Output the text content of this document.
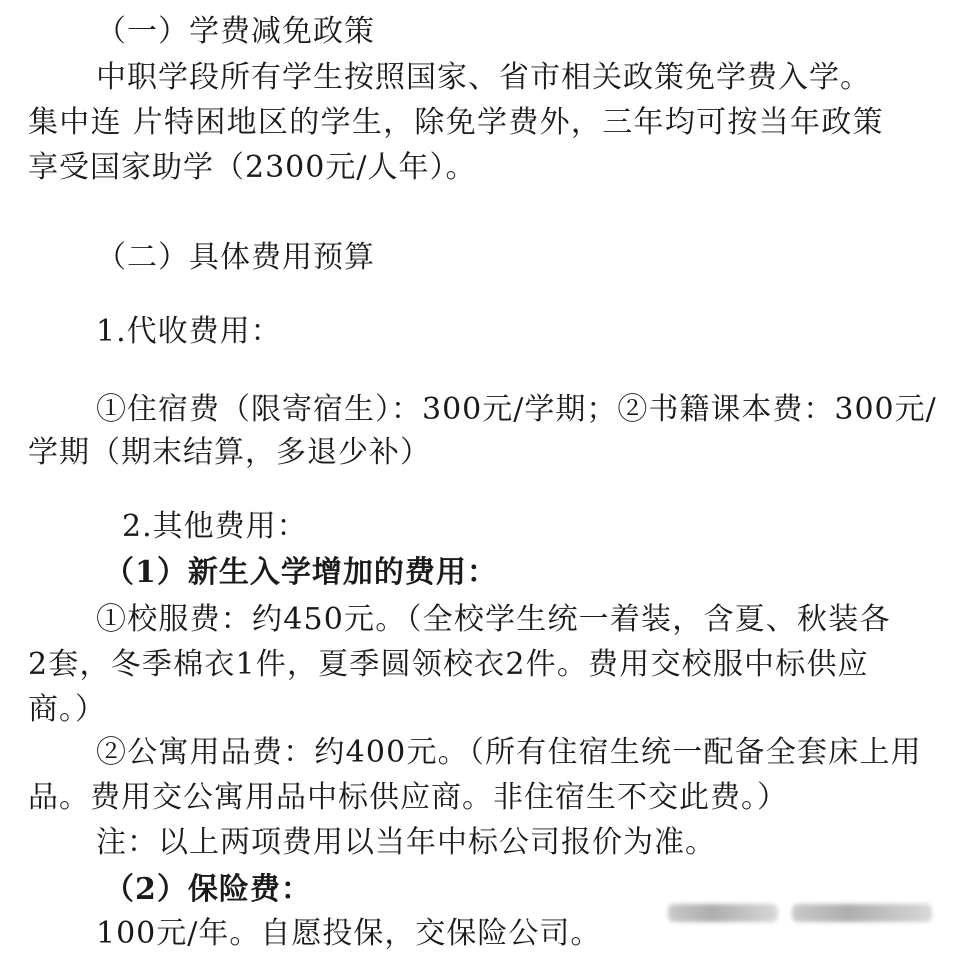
（一）学费减免政策
中职学段所有学生按照国家、省市相关政策免学费入学。
集中连 片特困地区的学生，除免学费外，三年均可按当年政策
享受国家助学（2300元/人年）。
（二）具体费用预算
1.代收费用：
①住宿费（限寄宿生）：300元/学期；②书籍课本费：300元/
学期（期末结算，多退少补）
2.其他费用：
（1）新生入学增加的费用：
①校服费：约450元。（全校学生统一着装，含夏、秋装各
2套，冬季棉衣1件，夏季圆领校衣2件。费用交校服中标供应
商。）
②公寓用品费：约400元。（所有住宿生统一配备全套床上用
品。费用交公寓用品中标供应商。非住宿生不交此费。）
注：以上两项费用以当年中标公司报价为准。
（2）保险费：
100元/年。自愿投保，交保险公司。
